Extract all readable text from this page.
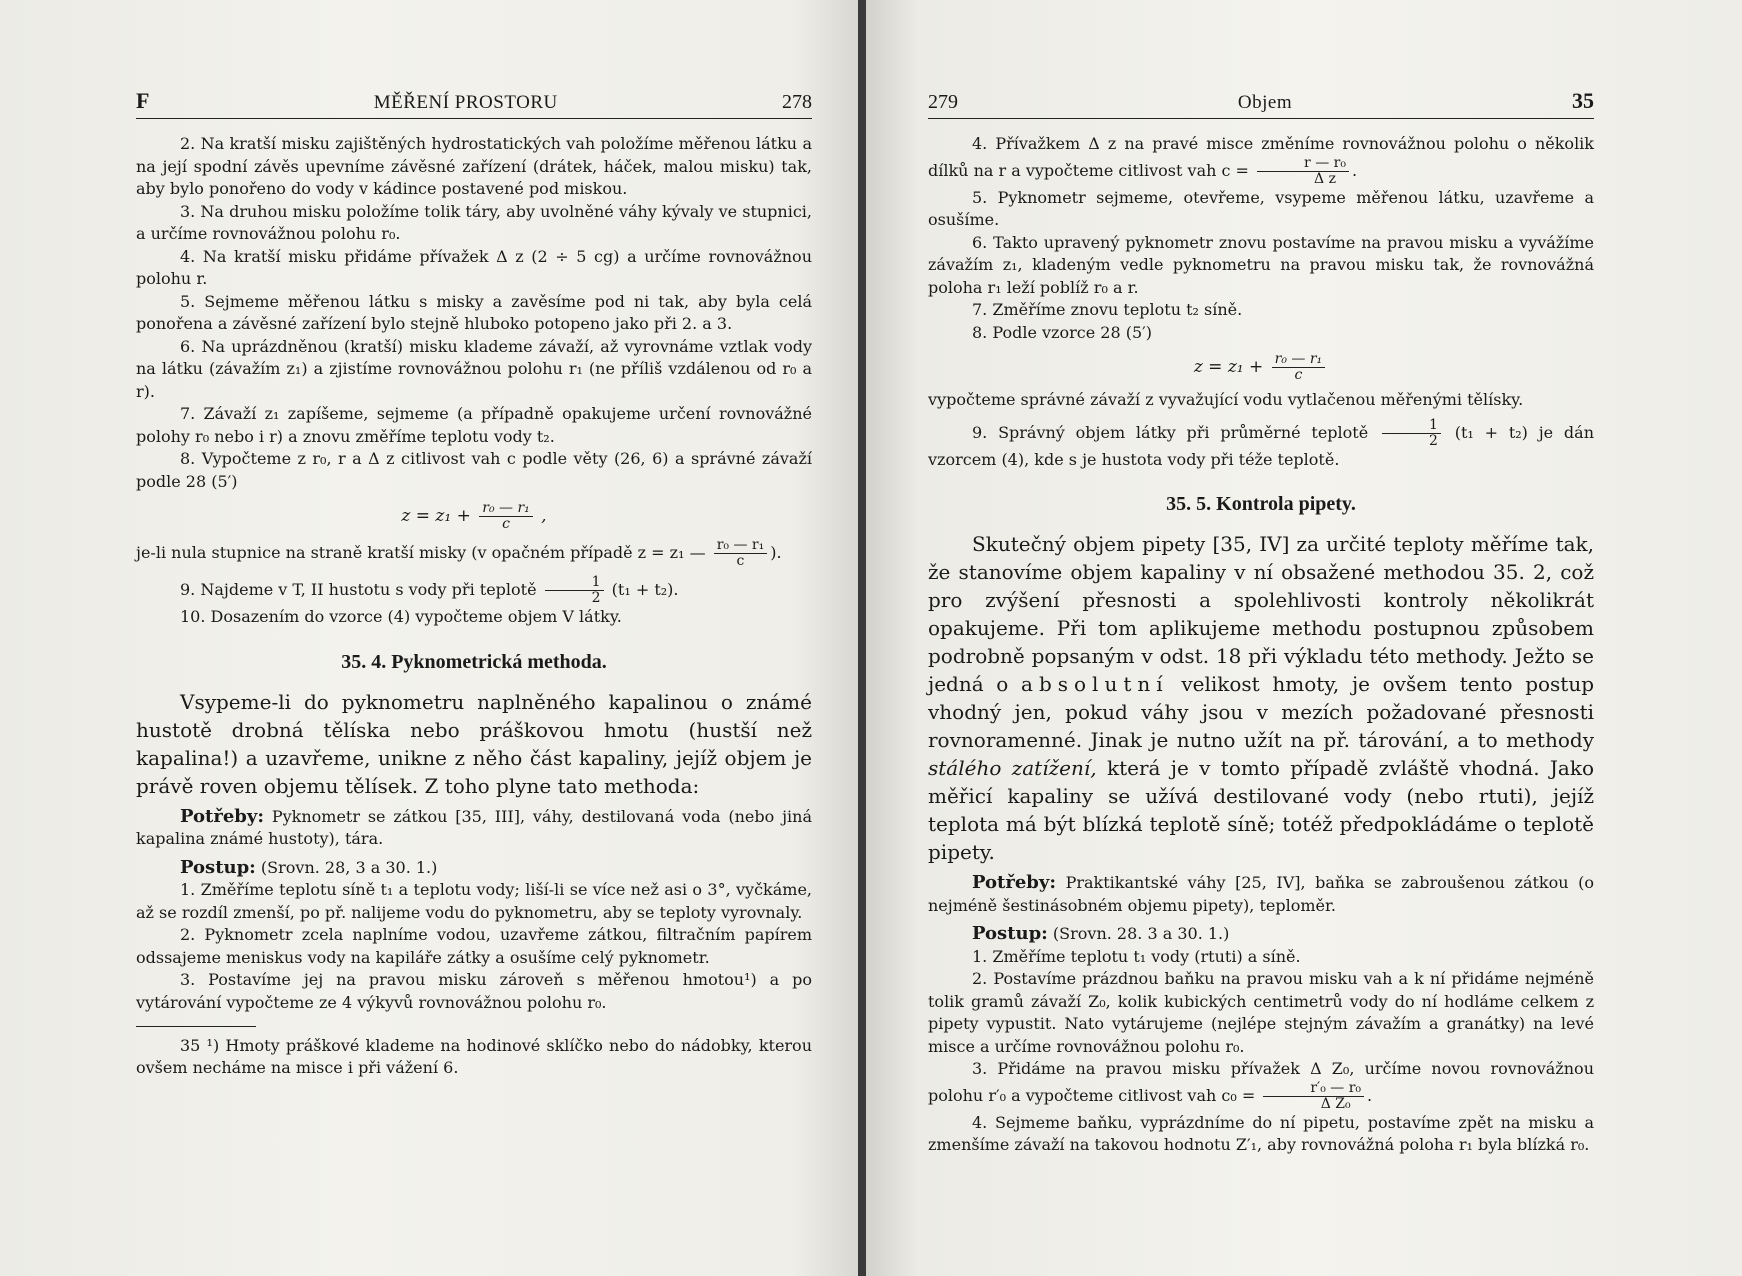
F	MĚŘENÍ PROSTORU	278

2. Na kratší misku zajištěných hydrostatických vah položíme měřenou látku a na její spodní závěs upevníme závěsné zařízení (drátek, háček, malou misku) tak, aby bylo ponořeno do vody v kádince postavené pod miskou.

3. Na druhou misku položíme tolik táry, aby uvolněné váhy kývaly ve stupnici, a určíme rovnovážnou polohu r₀.

4. Na kratší misku přidáme přívažek Δ z (2 ÷ 5 cg) a určíme rovnovážnou polohu r.

5. Sejmeme měřenou látku s misky a zavěsíme pod ni tak, aby byla celá ponořena a závěsné zařízení bylo stejně hluboko potopeno jako při 2. a 3.

6. Na uprázdněnou (kratší) misku klademe závaží, až vyrovnáme vztlak vody na látku (závažím z₁) a zjistíme rovnovážnou polohu r₁ (ne příliš vzdálenou od r₀ a r).

7. Závaží z₁ zapíšeme, sejmeme (a případně opakujeme určení rovnovážné polohy r₀ nebo i r) a znovu změříme teplotu vody t₂.

8. Vypočteme z r₀, r a Δ z citlivost vah c podle věty (26, 6) a správné závaží podle 28 (5′)

$z = z_1 + \frac{\text{r₀ — r₁}}{c}$ ,

je-li nula stupnice na straně kratší misky (v opačném případě z = z₁ — $\frac{\text{r₀ — r₁}}{c}$ ).

9. Najdeme v T, II hustotu s vody při teplotě $\frac{1}{2} (t_1 + t_2)$.

10. Dosazením do vzorce (4) vypočteme objem V látky.

35. 4. Pyknometrická methoda.

Vsypeme-li do pyknometru naplněného kapalinou o známé hustotě drobná tělíska nebo práškovou hmotu (hustší než kapalina!) a uzavřeme, unikne z něho část kapaliny, jejíž objem je právě roven objemu tělísek. Z toho plyne tato methoda:

Potřeby: Pyknometr se zátkou [35, III], váhy, destilovaná voda (nebo jiná kapalina známé hustoty), tára.

Postup: (Srovn. 28, 3 a 30. 1.)

1. Změříme teplotu síně t₁ a teplotu vody; liší-li se více než asi o 3°, vyčkáme, až se rozdíl zmenší, po př. nalijeme vodu do pyknometru, aby se teploty vyrovnaly.

2. Pyknometr zcela naplníme vodou, uzavřeme zátkou, filtračním papírem odssajeme meniskus vody na kapiláře zátky a osušíme celý pyknometr.

3. Postavíme jej na pravou misku zároveň s měřenou hmotou¹) a po vytárování vypočteme ze 4 výkyvů rovnovážnou polohu r₀.

35 ¹) Hmoty práškové klademe na hodinové sklíčko nebo do nádobky, kterou ovšem necháme na misce i při vážení 6.

279	Objem	35

4. Přívažkem Δ z na pravé misce změníme rovnovážnou polohu o několik dílků na r a vypočteme citlivost vah $c = \frac{\text{r — r₀}}{\text{Δ z}}$ .

5. Pyknometr sejmeme, otevřeme, vsypeme měřenou látku, uzavřeme a osušíme.

6. Takto upravený pyknometr znovu postavíme na pravou misku a vyvážíme závažím z₁, kladeným vedle pyknometru na pravou misku tak, že rovnovážná poloha r₁ leží poblíž r₀ a r.

7. Změříme znovu teplotu t₂ síně.

8. Podle vzorce 28 (5′)

$z = z_1 + \frac{\text{r₀ — r₁}}{c}$

vypočteme správné závaží z vyvažující vodu vytlačenou měřenými tělísky.

9. Správný objem látky při průměrné teplotě $\frac{1}{2} (t_1 + t_2)$ je dán vzorcem (4), kde s je hustota vody při téže teplotě.

35. 5. Kontrola pipety.

Skutečný objem pipety [35, IV] za určité teploty měříme tak, že stanovíme objem kapaliny v ní obsažené methodou 35. 2, což pro zvýšení přesnosti a spolehlivosti kontroly několikrát opakujeme. Při tom aplikujeme methodu postupnou způsobem podrobně popsaným v odst. 18 při výkladu této methody. Ježto se jedná o absolutní velikost hmoty, je ovšem tento postup vhodný jen, pokud váhy jsou v mezích požadované přesnosti rovnoramenné. Jinak je nutno užít na př. tárování, a to methody stálého zatížení, která je v tomto případě zvláště vhodná. Jako měřicí kapaliny se užívá destilované vody (nebo rtuti), jejíž teplota má být blízká teplotě síně; totéž předpokládáme o teplotě pipety.

Potřeby: Praktikantské váhy [25, IV], baňka se zabroušenou zátkou (o nejméně šestinásobném objemu pipety), teploměr.

Postup: (Srovn. 28. 3 a 30. 1.)

1. Změříme teplotu t₁ vody (rtuti) a síně.

2. Postavíme prázdnou baňku na pravou misku vah a k ní přidáme nejméně tolik gramů závaží Z₀, kolik kubických centimetrů vody do ní hodláme celkem z pipety vypustit. Nato vytárujeme (nejlépe stejným závažím a granátky) na levé misce a určíme rovnovážnou polohu r₀.

3. Přidáme na pravou misku přívažek Δ Z₀, určíme novou rovnovážnou polohu r′₀ a vypočteme citlivost vah $c_0 = \frac{\text{r′₀ — r₀}}{\text{Δ Z₀}}$ .

4. Sejmeme baňku, vyprázdníme do ní pipetu, postavíme zpět na misku a zmenšíme závaží na takovou hodnotu Z′₁, aby rovnovážná poloha r₁ byla blízká r₀.
